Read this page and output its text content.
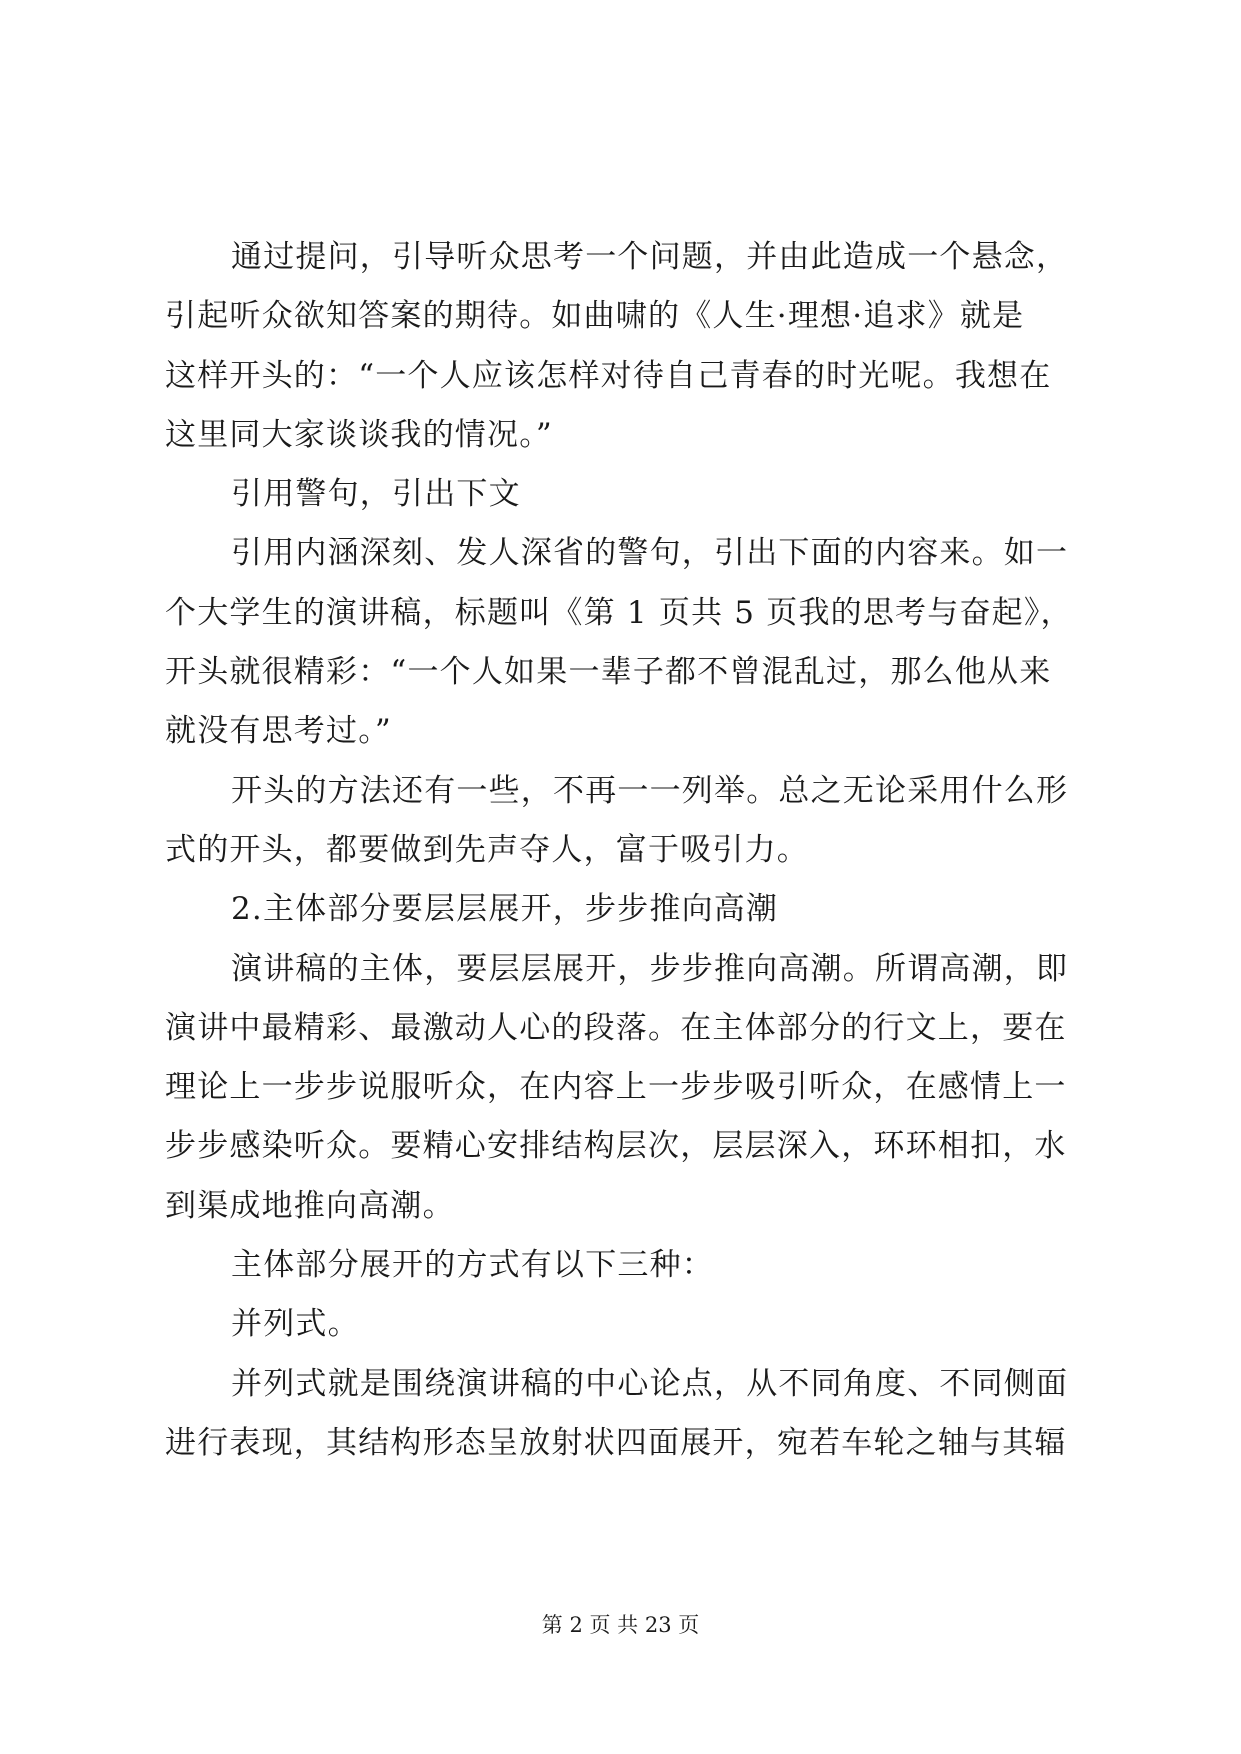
通过提问，引导听众思考一个问题，并由此造成一个悬念，
引起听众欲知答案的期待。如曲啸的《人生·理想·追求》就是
这样开头的：“一个人应该怎样对待自己青春的时光呢。我想在
这里同大家谈谈我的情况。”
引用警句，引出下文
引用内涵深刻、发人深省的警句，引出下面的内容来。如一
个大学生的演讲稿，标题叫《第 1 页共 5 页我的思考与奋起》，
开头就很精彩：“一个人如果一辈子都不曾混乱过，那么他从来
就没有思考过。”
开头的方法还有一些，不再一一列举。总之无论采用什么形
式的开头，都要做到先声夺人，富于吸引力。
2.主体部分要层层展开，步步推向高潮
演讲稿的主体，要层层展开，步步推向高潮。所谓高潮，即
演讲中最精彩、最激动人心的段落。在主体部分的行文上，要在
理论上一步步说服听众，在内容上一步步吸引听众，在感情上一
步步感染听众。要精心安排结构层次，层层深入，环环相扣，水
到渠成地推向高潮。
主体部分展开的方式有以下三种：
并列式。
并列式就是围绕演讲稿的中心论点，从不同角度、不同侧面
进行表现，其结构形态呈放射状四面展开，宛若车轮之轴与其辐
第 2 页 共 23 页
